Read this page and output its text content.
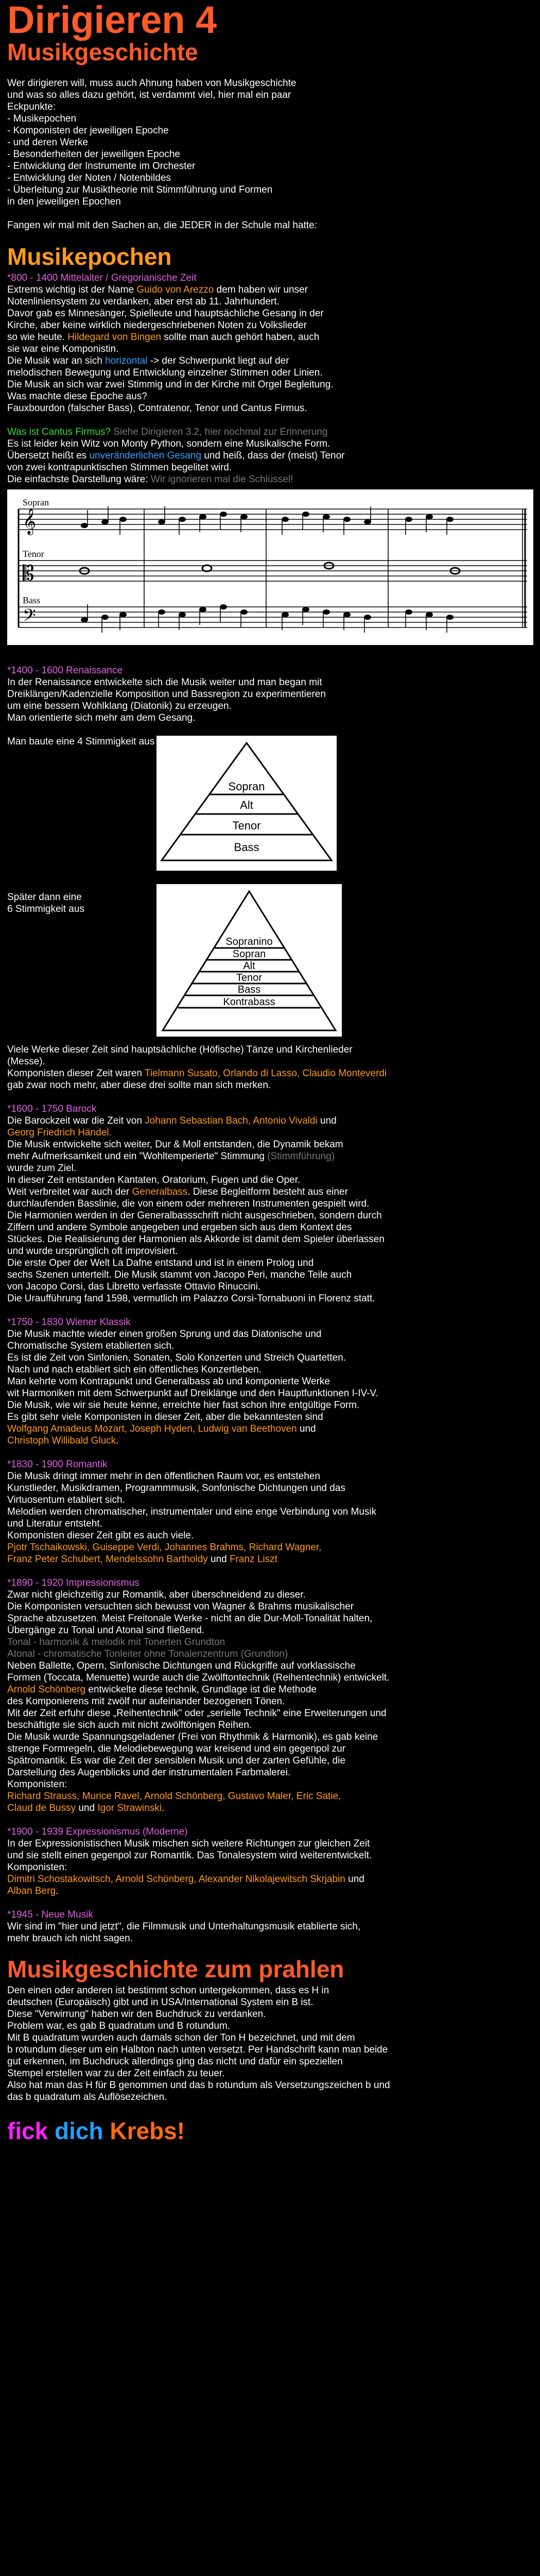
Dirigieren 4
Musikgeschichte

Wer dirigieren will, muss auch Ahnung haben von Musikgeschichte

und was so alles dazu gehört, ist verdammt viel, hier mal ein paar

Eckpunkte:

- Musikepochen

- Komponisten der jeweiligen Epoche

- und deren Werke

- Besonderheiten der jeweiligen Epoche

- Entwicklung der Instrumente im Orchester

- Entwicklung der Noten / Notenbildes

- Überleitung zur Musiktheorie mit Stimmführung und Formen

in den jeweiligen Epochen

Fangen wir mal mit den Sachen an, die JEDER in der Schule mal hatte:

Musikepochen

*800 - 1400 Mittelalter / Gregorianische Zeit

Extrems wichtig ist der Name Guido von Arezzo dem haben wir unser

Notenliniensystem zu verdanken, aber erst ab 11. Jahrhundert.

Davor gab es Minnesänger, Spielleute und hauptsächliche Gesang in der

Kirche, aber keine wirklich niedergeschriebenen Noten zu Volkslieder

so wie heute. Hildegard von Bingen sollte man auch gehört haben, auch

sie war eine Komponistin.

Die Musik war an sich horizontal -> der Schwerpunkt liegt auf der

melodischen Bewegung und Entwicklung einzelner Stimmen oder Linien.

Die Musik an sich war zwei Stimmig und in der Kirche mit Orgel Begleitung.

Was machte diese Epoche aus?

Fauxbourdon (falscher Bass), Contratenor, Tenor und Cantus Firmus.

Was ist Cantus Firmus? Siehe Dirigieren 3.2, hier nochmal zur Erinnerung

Es ist leider kein Witz von Monty Python, sondern eine Musikalische Form.

Übersetzt heißt es unveränderlichen Gesang und heiß, dass der (meist) Tenor

von zwei kontrapunktischen Stimmen begelitet wird.

Die einfachste Darstellung wäre: Wir ignorieren mal die Schlüssel!

𝄞
𝄡
𝄢
Sopran
Tenor
Bass

*1400 - 1600 Renaissance

In der Renaissance entwickelte sich die Musik weiter und man began mit

Dreiklängen/Kadenzielle Komposition und Bassregion zu experimentieren

um eine bessern Wohlklang (Diatonik) zu erzeugen.

Man orientierte sich mehr am dem Gesang.

Man baute eine 4 Stimmigkeit aus

Sopran
Alt
Tenor
Bass

Später dann eine

6 Stimmigkeit aus

Sopranino
Sopran
Alt
Tenor
Bass
Kontrabass

Viele Werke dieser Zeit sind hauptsächliche (Höfische) Tänze und Kirchenlieder

(Messe).

Komponisten dieser Zeit waren Tielmann Susato, Orlando di Lasso, Claudio Monteverdi

gab zwar noch mehr, aber diese drei sollte man sich merken.

*1600 - 1750 Barock

Die Barockzeit war die Zeit von Johann Sebastian Bach, Antonio Vivaldi und

Georg Friedrich Händel.

Die Musik entwickelte sich weiter, Dur & Moll entstanden, die Dynamik bekam

mehr Aufmerksamkeit und ein "Wohltemperierte" Stimmung (Stimmführung)

wurde zum Ziel.

In dieser Zeit entstanden Kantaten, Oratorium, Fugen und die Oper.

Weit verbreitet war auch der Generalbass. Diese Begleitform besteht aus einer

durchlaufenden Basslinie, die von einem oder mehreren Instrumenten gespielt wird.

Die Harmonien werden in der Generalbassschrift nicht ausgeschrieben, sondern durch

Ziffern und andere Symbole angegeben und ergeben sich aus dem Kontext des

Stückes. Die Realisierung der Harmonien als Akkorde ist damit dem Spieler überlassen

und wurde ursprünglich oft improvisiert.

Die erste Oper der Welt La Dafne entstand und ist in einem Prolog und

sechs Szenen unterteilt. Die Musik stammt von Jacopo Peri, manche Teile auch

von Jacopo Corsi, das Libretto verfasste Ottavio Rinuccini.

Die Uraufführung fand 1598, vermutlich im Palazzo Corsi-Tornabuoni in Florenz statt.

*1750 - 1830 Wiener Klassik

Die Musik machte wieder einen großen Sprung und das Diatonische und

Chromatische System etablierten sich.

Es ist die Zeit von Sinfonien, Sonaten, Solo Konzerten und Streich Quartetten.

Nach und nach etabliert sich ein öffentliches Konzertleben.

Man kehrte vom Kontrapunkt und Generalbass ab und komponierte Werke

wit Harmoniken mit dem Schwerpunkt auf Dreiklänge und den Hauptfunktionen I-IV-V.

Die Musik, wie wir sie heute kenne, erreichte hier fast schon ihre entgültige Form.

Es gibt sehr viele Komponisten in dieser Zeit, aber die bekanntesten sind

Wolfgang Amadeus Mozart, Joseph Hyden, Ludwig van Beethoven und

Christoph Willibald Gluck.

*1830 - 1900 Romantik

Die Musik dringt immer mehr in den öffentlichen Raum vor, es entstehen

Kunstlieder, Musikdramen, Programmmusik, Sonfonische Dichtungen und das

Virtuosentum etabliert sich.

Melodien werden chromatischer, instrumentaler und eine enge Verbindung von Musik

und Literatur entsteht.

Komponisten dieser Zeit gibt es auch viele.

Pjotr Tschaikowski, Guiseppe Verdi, Johannes Brahms, Richard Wagner,

Franz Peter Schubert, Mendelssohn Bartholdy und Franz Liszt

*1890 - 1920 Impressionismus

Zwar nicht gleichzeitig zur Romantik, aber überschneidend zu dieser.

Die Komponisten versuchten sich bewusst von Wagner & Brahms musikalischer

Sprache abzusetzen. Meist Freitonale Werke - nicht an die Dur-Moll-Tonalität halten,

Übergänge zu Tonal und Atonal sind fließend.

Tonal - harmonik & melodik mit Tonerten Grundton

Atonal - chromatische Tonleiter ohne Tonalenzentrum (Grundton)

Neben Ballette, Opern, Sinfonische Dichtungen und Rückgriffe auf vorklassische

Formen (Toccata, Menuette) wurde auch die Zwölftontechnik (Reihentechnik) entwickelt.

Arnold Schönberg entwickelte diese technik, Grundlage ist die Methode

des Komponierens mit zwölf nur aufeinander bezogenen Tönen.

Mit der Zeit erfuhr diese „Reihentechnik" oder „serielle Technik" eine Erweiterungen und

beschäftigte sie sich auch mit nicht zwölftönigen Reihen.

Die Musik wurde Spannungsgeladener (Frei von Rhythmik & Harmonik), es gab keine

strenge Formregeln, die Melodiebewegung war kreisend und ein gegenpol zur

Spätromantik. Es war die Zeit der sensiblen Musik und der zarten Gefühle, die

Darstellung des Augenblicks und der instrumentalen Farbmalerei.

Komponisten:

Richard Strauss, Murice Ravel, Arnold Schönberg, Gustavo Maler, Eric Satie,

Claud de Bussy und Igor Strawinski.

*1900 - 1939 Expressionismus (Moderne)

In der Expressionistischen Musik mischen sich weitere Richtungen zur gleichen Zeit

und sie stellt einen gegenpol zur Romantik. Das Tonalesystem wird weiterentwickelt.

Komponisten:

Dimitri Schostakowitsch, Arnold Schönberg, Alexander Nikolajewitsch Skrjabin und

Alban Berg.

*1945 - Neue Musik

Wir sind im "hier und jetzt", die Filmmusik und Unterhaltungsmusik etablierte sich,

mehr brauch ich nicht sagen.

Musikgeschichte zum prahlen

Den einen oder anderen ist bestimmt schon untergekommen, dass es H in

deutschen (Europäisch) gibt und in USA/International System ein B ist.

Diese "Verwirrung" haben wir den Buchdruck zu verdanken.

Problem war, es gab B quadratum und B rotundum.

Mit B quadratum wurden auch damals schon der Ton H bezeichnet, und mit dem

b rotundum dieser um ein Halbton nach unten versetzt. Per Handschrift kann man beide

gut erkennen, im Buchdruck allerdings ging das nicht und dafür ein speziellen

Stempel erstellen war zu der Zeit einfach zu teuer.

Also hat man das H für B genommen und das b rotundum als Versetzungszeichen b und

das b quadratum als Auflösezeichen.

fick dich Krebs!
